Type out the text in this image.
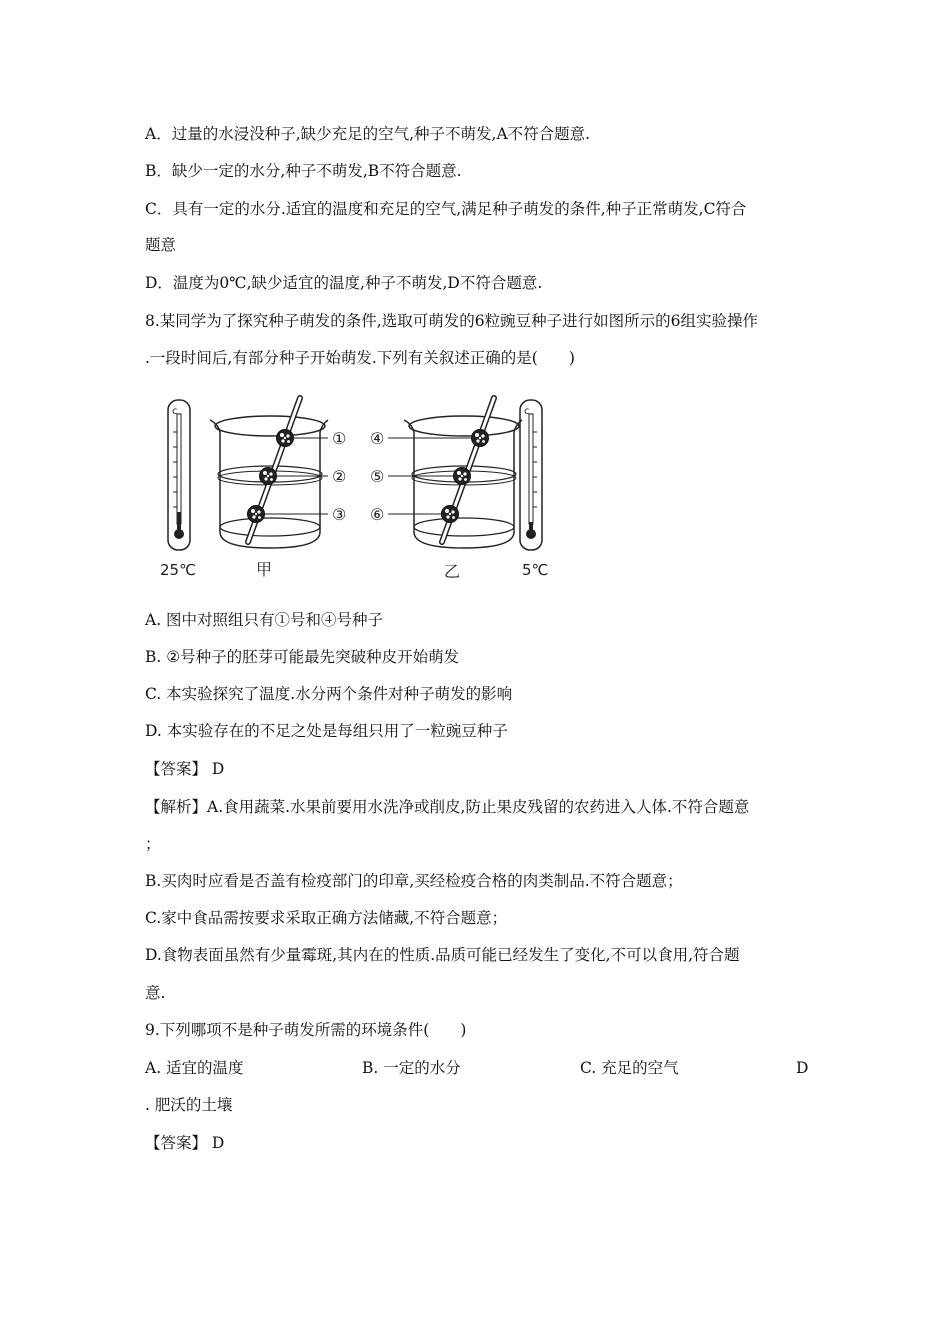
A．过量的水浸没种子,缺少充足的空气,种子不萌发,A不符合题意.
B．缺少一定的水分,种子不萌发,B不符合题意.
C．具有一定的水分.适宜的温度和充足的空气,满足种子萌发的条件,种子正常萌发,C符合
题意
D．温度为0℃,缺少适宜的温度,种子不萌发,D不符合题意.
8.某同学为了探究种子萌发的条件,选取可萌发的6粒豌豆种子进行如图所示的6组实验操作
.一段时间后,有部分种子开始萌发.下列有关叙述正确的是(　　)
c
①
②
③
④
⑤
⑥
c
25℃	甲	乙	5℃
A. 图中对照组只有①号和④号种子
B. ②号种子的胚芽可能最先突破种皮开始萌发
C. 本实验探究了温度.水分两个条件对种子萌发的影响
D. 本实验存在的不足之处是每组只用了一粒豌豆种子
【答案】 D
【解析】A.食用蔬菜.水果前要用水洗净或削皮,防止果皮残留的农药进入人体.不符合题意
；
B.买肉时应看是否盖有检疫部门的印章,买经检疫合格的肉类制品.不符合题意；
C.家中食品需按要求采取正确方法储藏,不符合题意；
D.食物表面虽然有少量霉斑,其内在的性质.品质可能已经发生了变化,不可以食用,符合题
意.
9.下列哪项不是种子萌发所需的环境条件(　　)
A. 适宜的温度	B. 一定的水分	C. 充足的空气	D
. 肥沃的土壤
【答案】 D
